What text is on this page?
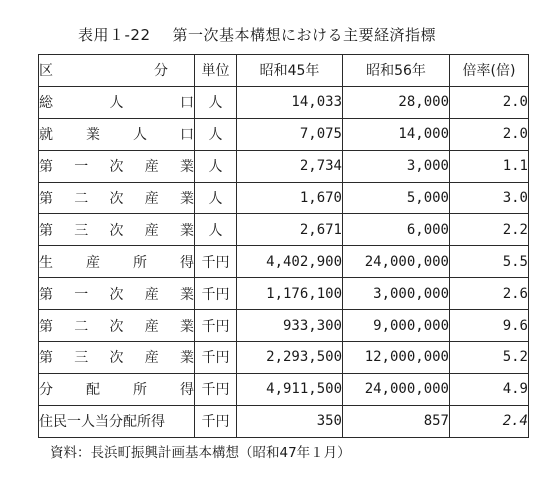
表用１-22 第一次基本構想における主要経済指標
区 分	単位	昭和45年	昭和56年	倍率(倍)

総 人 口	人	14,033	28,000	2.0

就 業 人 口	人	7,075	14,000	2.0

第 一 次 産 業	人	2,734	3,000	1.1

第 二 次 産 業	人	1,670	5,000	3.0

第 三 次 産 業	人	2,671	6,000	2.2

生 産 所 得	千円	4,402,900	24,000,000	5.5

第 一 次 産 業	千円	1,176,100	3,000,000	2.6

第 二 次 産 業	千円	933,300	9,000,000	9.6

第 三 次 産 業	千円	2,293,500	12,000,000	5.2

分 配 所 得	千円	4,911,500	24,000,000	4.9

住民一人当分配所得	千円	350	857	2.4
資料：長浜町振興計画基本構想（昭和47年１月）
